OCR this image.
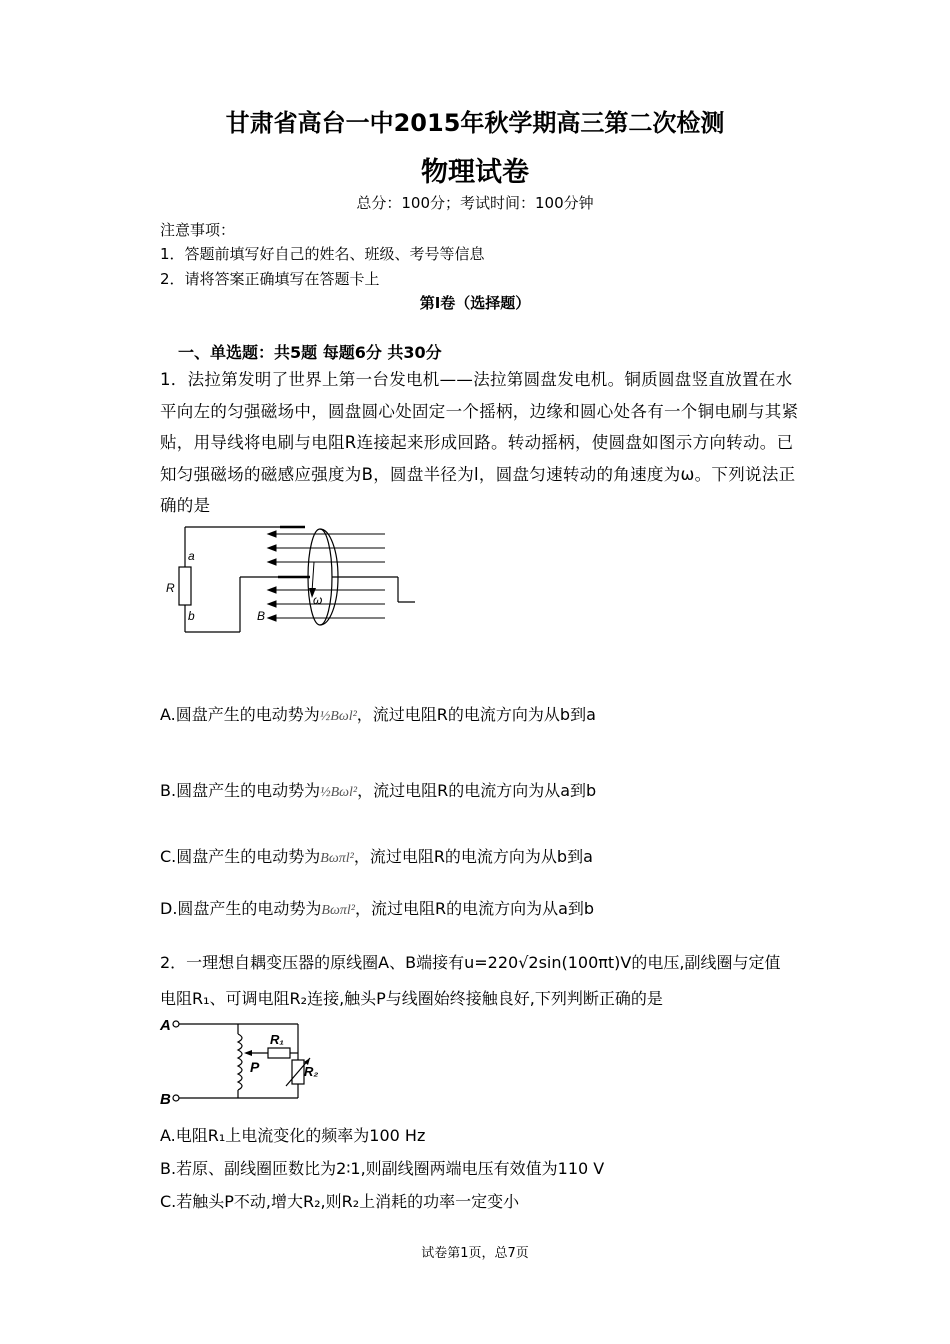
甘肃省高台一中2015年秋学期高三第二次检测
物理试卷
总分：100分；考试时间：100分钟
注意事项：
1．答题前填写好自己的姓名、班级、考号等信息
2．请将答案正确填写在答题卡上
第I卷（选择题）
一、单选题：共5题 每题6分 共30分
1．法拉第发明了世界上第一台发电机——法拉第圆盘发电机。铜质圆盘竖直放置在水平向左的匀强磁场中，圆盘圆心处固定一个摇柄，边缘和圆心处各有一个铜电刷与其紧贴，用导线将电刷与电阻R连接起来形成回路。转动摇柄，使圆盘如图示方向转动。已知匀强磁场的磁感应强度为B，圆盘半径为l，圆盘匀速转动的角速度为ω。下列说法正确的是
a
R
b	B
ω
A.圆盘产生的电动势为½Bωl²，流过电阻R的电流方向为从b到a
B.圆盘产生的电动势为½Bωl²，流过电阻R的电流方向为从a到b
C.圆盘产生的电动势为Bωπl²，流过电阻R的电流方向为从b到a
D.圆盘产生的电动势为Bωπl²，流过电阻R的电流方向为从a到b
2．一理想自耦变压器的原线圈A、B端接有u=220√2sin(100πt)V的电压,副线圈与定值
电阻R₁、可调电阻R₂连接,触头P与线圈始终接触良好,下列判断正确的是
A
B
P
R₁
R₂
A.电阻R₁上电流变化的频率为100 Hz
B.若原、副线圈匝数比为2∶1,则副线圈两端电压有效值为110 V
C.若触头P不动,增大R₂,则R₂上消耗的功率一定变小
试卷第1页，总7页
